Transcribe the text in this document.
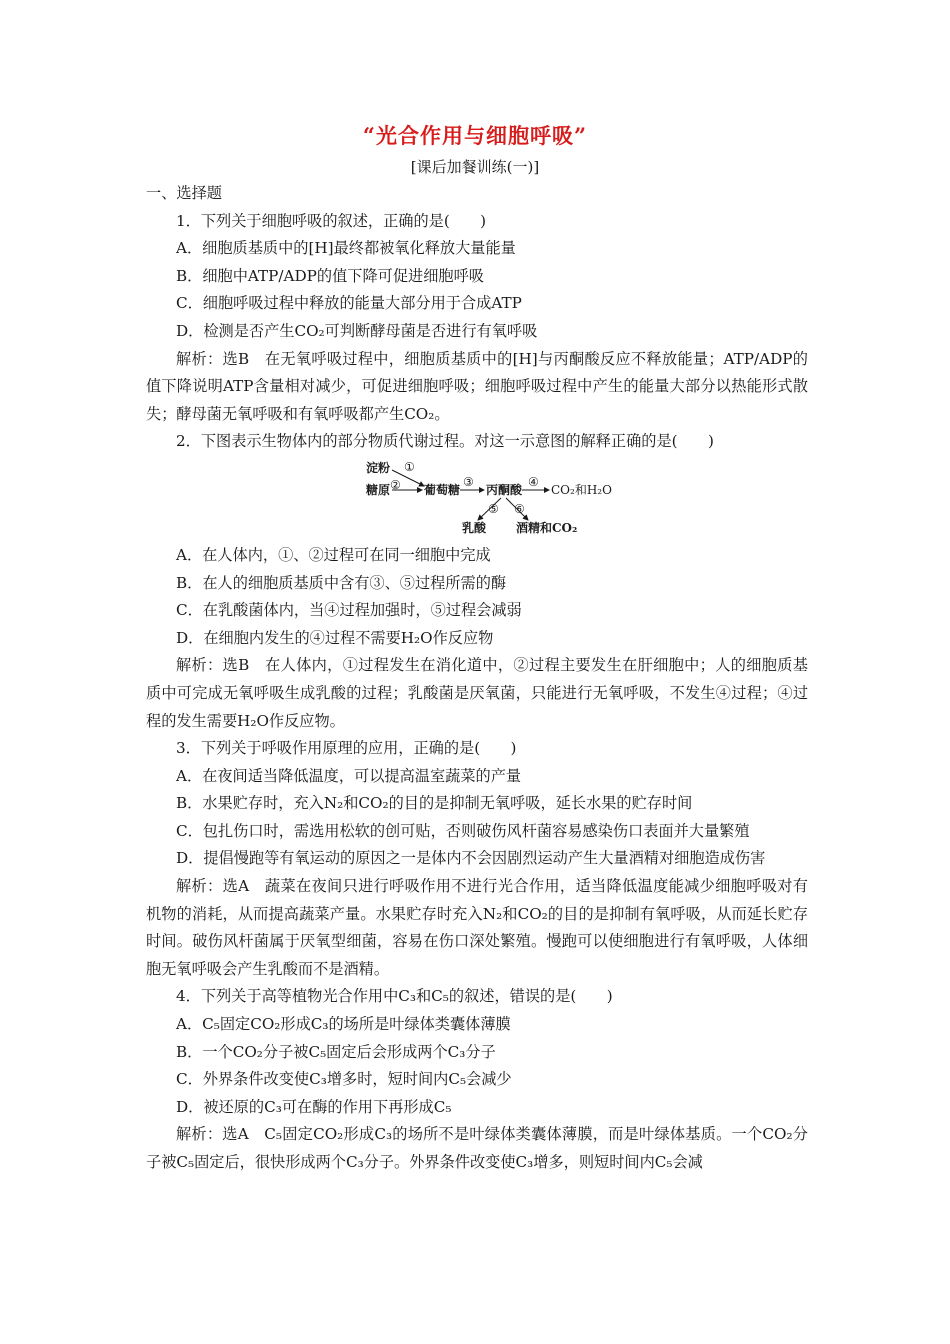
“光合作用与细胞呼吸”
[课后加餐训练(一)]
一、选择题
1．下列关于细胞呼吸的叙述，正确的是(　　)
A．细胞质基质中的[H]最终都被氧化释放大量能量
B．细胞中ATP/ADP的值下降可促进细胞呼吸
C．细胞呼吸过程中释放的能量大部分用于合成ATP
D．检测是否产生CO₂可判断酵母菌是否进行有氧呼吸
解析：选B　在无氧呼吸过程中，细胞质基质中的[H]与丙酮酸反应不释放能量；ATP/ADP的值下降说明ATP含量相对减少，可促进细胞呼吸；细胞呼吸过程中产生的能量大部分以热能形式散失；酵母菌无氧呼吸和有氧呼吸都产生CO₂。
2．下图表示生物体内的部分物质代谢过程。对这一示意图的解释正确的是(　　)
淀粉
糖原	葡萄糖 丙酮酸 CO₂和H₂O
乳酸 酒精和CO₂
①
②	③	④
⑤ ⑥
A．在人体内，①、②过程可在同一细胞中完成
B．在人的细胞质基质中含有③、⑤过程所需的酶
C．在乳酸菌体内，当④过程加强时，⑤过程会减弱
D．在细胞内发生的④过程不需要H₂O作反应物
解析：选B　在人体内，①过程发生在消化道中，②过程主要发生在肝细胞中；人的细胞质基质中可完成无氧呼吸生成乳酸的过程；乳酸菌是厌氧菌，只能进行无氧呼吸，不发生④过程；④过程的发生需要H₂O作反应物。
3．下列关于呼吸作用原理的应用，正确的是(　　)
A．在夜间适当降低温度，可以提高温室蔬菜的产量
B．水果贮存时，充入N₂和CO₂的目的是抑制无氧呼吸，延长水果的贮存时间
C．包扎伤口时，需选用松软的创可贴，否则破伤风杆菌容易感染伤口表面并大量繁殖
D．提倡慢跑等有氧运动的原因之一是体内不会因剧烈运动产生大量酒精对细胞造成伤害
解析：选A　蔬菜在夜间只进行呼吸作用不进行光合作用，适当降低温度能减少细胞呼吸对有机物的消耗，从而提高蔬菜产量。水果贮存时充入N₂和CO₂的目的是抑制有氧呼吸，从而延长贮存时间。破伤风杆菌属于厌氧型细菌，容易在伤口深处繁殖。慢跑可以使细胞进行有氧呼吸，人体细胞无氧呼吸会产生乳酸而不是酒精。
4．下列关于高等植物光合作用中C₃和C₅的叙述，错误的是(　　)
A．C₅固定CO₂形成C₃的场所是叶绿体类囊体薄膜
B．一个CO₂分子被C₅固定后会形成两个C₃分子
C．外界条件改变使C₃增多时，短时间内C₅会减少
D．被还原的C₃可在酶的作用下再形成C₅
解析：选A　C₅固定CO₂形成C₃的场所不是叶绿体类囊体薄膜，而是叶绿体基质。一个CO₂分子被C₅固定后，很快形成两个C₃分子。外界条件改变使C₃增多，则短时间内C₅会减
